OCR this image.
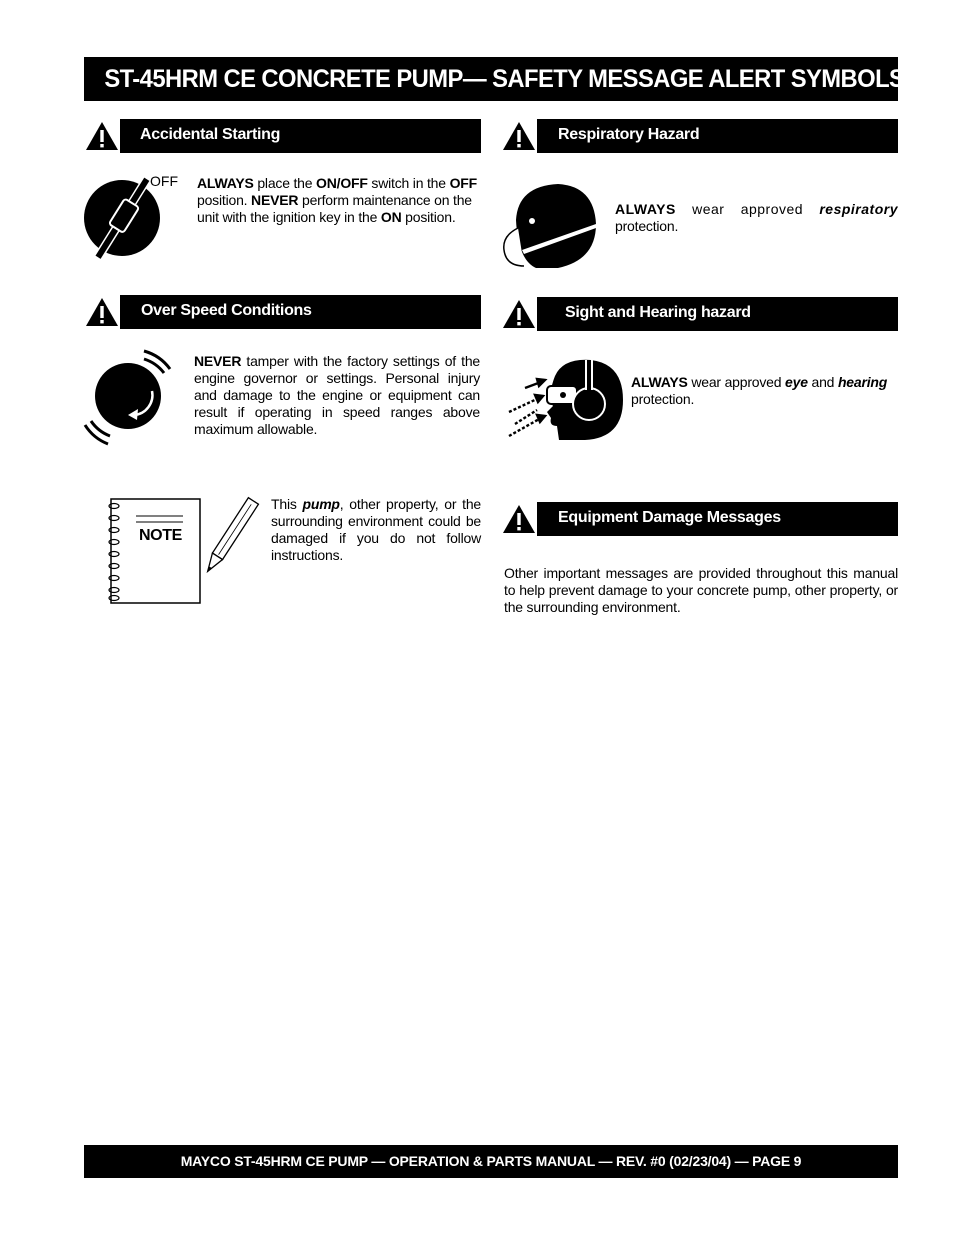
ST-45HRM CE CONCRETE PUMP— SAFETY MESSAGE ALERT SYMBOLS
Accidental Starting
OFF ALWAYS place the ON/OFF switch in the OFF position. NEVER perform maintenance on the unit with the ignition key in the ON position.
Over Speed Conditions
NEVER tamper with the factory settings of the engine governor or settings. Personal injury and damage to the engine or equipment can result if operating in speed ranges above maximum allowable.
NOTE
This pump, other property, or the surrounding environment could be damaged if you do not follow instructions.
Respiratory Hazard
ALWAYS wear approved respiratory
protection.
Sight and Hearing hazard
ALWAYS wear approved eye and hearing protection.
Equipment Damage Messages
Other important messages are provided throughout this manual to help prevent damage to your concrete pump, other property, or the surrounding environment.
MAYCO ST-45HRM CE PUMP — OPERATION & PARTS MANUAL — REV. #0 (02/23/04) — PAGE 9
